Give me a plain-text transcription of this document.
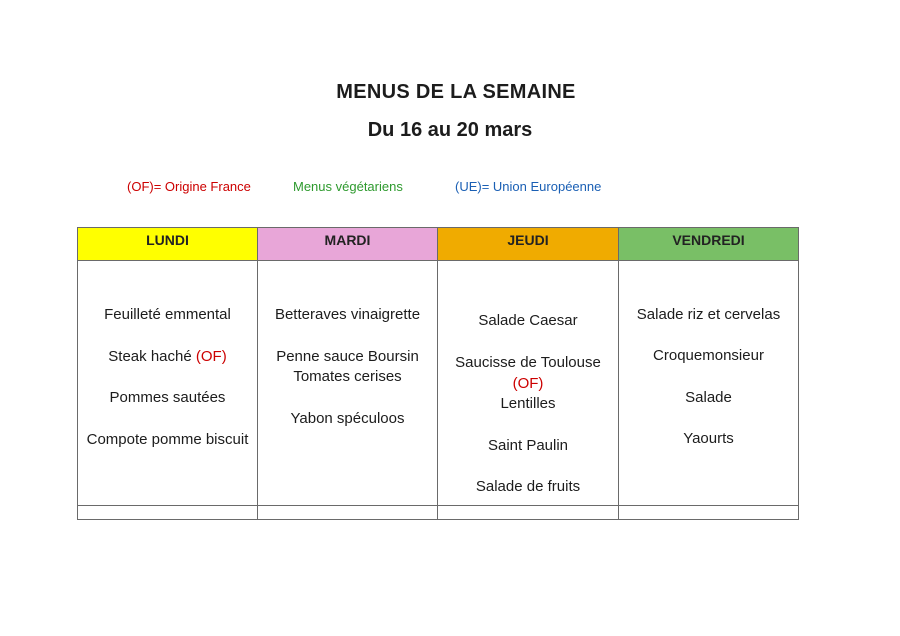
MENUS DE LA SEMAINE
Du 16 au 20 mars
(OF)= Origine France	Menus végétariens	(UE)= Union Européenne
LUNDI
Feuilleté emmental
Steak haché (OF)
Pommes sautées
Compote pomme biscuit
MARDI
Betteraves vinaigrette
Penne sauce Boursin
Tomates cerises
Yabon spéculoos
JEUDI
Salade Caesar
Saucisse de Toulouse
(OF)
Lentilles
Saint Paulin
Salade de fruits
VENDREDI
Salade riz et cervelas
Croquemonsieur
Salade
Yaourts
